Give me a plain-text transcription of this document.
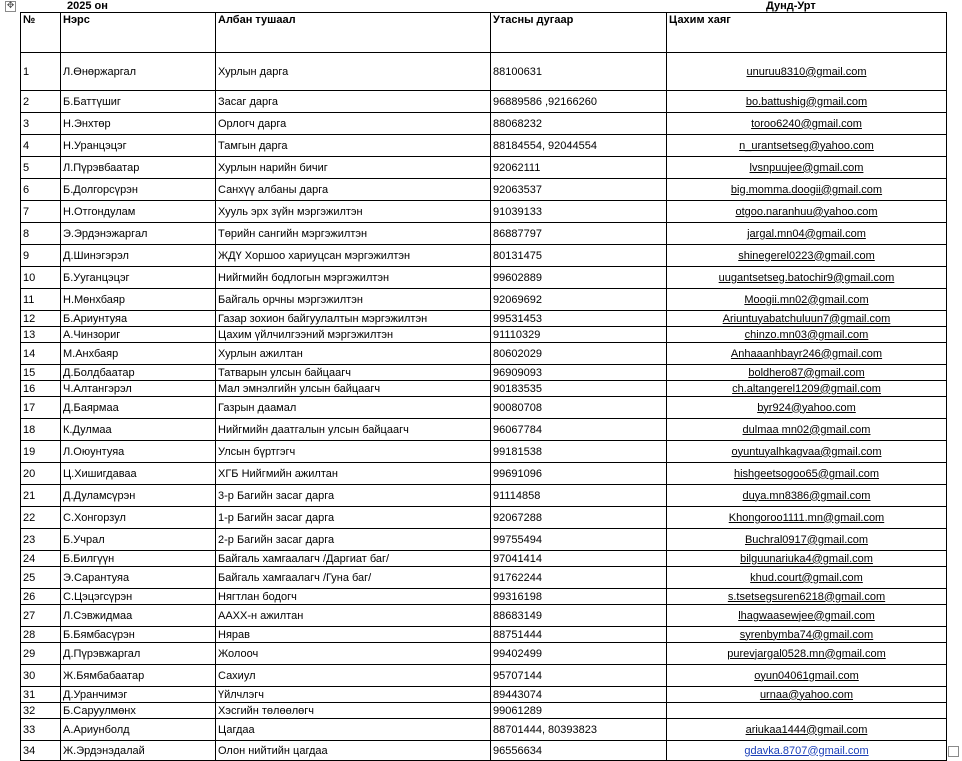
✥	2025 он	Дунд-Урт
№	Нэрс	Албан тушаал	Утасны дугаар	Цахим хаяг
1	Л.Өнөржаргал	Хурлын дарга	88100631	unuruu8310@gmail.com
2	Б.Баттүшиг	Засаг дарга	96889586 ,92166260	bo.battushig@gmail.com
3	Н.Энхтөр	Орлогч дарга	88068232	toroo6240@gmail.com
4	Н.Уранцэцэг	Тамгын дарга	88184554, 92044554	n_urantsetseg@yahoo.com
5	Л.Пүрэвбаатар	Хурлын нарийн бичиг	92062111	lvsnpuujee@gmail.com
6	Б.Долгорсүрэн	Санхүү албаны дарга	92063537	big.momma.doogii@gmail.com
7	Н.Отгондулам	Хууль эрх зүйн мэргэжилтэн	91039133	otgoo.naranhuu@yahoo.com
8	Э.Эрдэнэжаргал	Төрийн сангийн мэргэжилтэн	86887797	jargal.mn04@gmail.com
9	Д.Шинэгэрэл	ЖДҮ Хоршоо хариуцсан мэргэжилтэн	80131475	shinegerel0223@gmail.com
10	Б.Ууганцэцэг	Нийгмийн бодлогын мэргэжилтэн	99602889	uugantsetseg.batochir9@gmail.com
11	Н.Мөнхбаяр	Байгаль орчны мэргэжилтэн	92069692	Moogii.mn02@gmail.com
12	Б.Ариунтуяа	Газар зохион байгуулалтын мэргэжилтэн	99531453	Ariuntuyabatchuluun7@gmail.com
13	А.Чинзориг	Цахим үйлчилгээний мэргэжилтэн	91110329	chinzo.mn03@gmail.com
14	М.Анхбаяр	Хурлын ажилтан	80602029	Anhaaanhbayr246@gmail.com
15	Д.Болдбаатар	Татварын улсын байцаагч	96909093	boldhero87@gmail.com
16	Ч.Алтангэрэл	Мал эмнэлгийн улсын байцаагч	90183535	ch.altangerel1209@gmail.com
17	Д.Баярмаа	Газрын даамал	90080708	byr924@yahoo.com
18	К.Дулмаа	Нийгмийн даатгалын улсын байцаагч	96067784	dulmaa mn02@gmail.com
19	Л.Оюунтуяа	Улсын бүртгэгч	99181538	oyuntuyalhkagvaa@gmail.com
20	Ц.Хишигдаваа	ХГБ Нийгмийн ажилтан	99691096	hishgeetsogoo65@gmail.com
21	Д.Дуламсүрэн	3-р Багийн засаг дарга	91114858	duya.mn8386@gmail.com
22	С.Хонгорзул	1-р Багийн засаг дарга	92067288	Khongoroo1111.mn@gmail.com
23	Б.Учрал	2-р Багийн засаг дарга	99755494	Buchral0917@gmail.com
24	Б.Билгүүн	Байгаль хамгаалагч /Даргиат баг/	97041414	bilguunariuka4@gmail.com
25	Э.Сарантуяа	Байгаль хамгаалагч /Гуна баг/	91762244	khud.court@gmail.com
26	С.Цэцэгсүрэн	Нягтлан бодогч	99316198	s.tsetsegsuren6218@gmail.com
27	Л.Сэвжидмаа	АAXX-н ажилтан	88683149	lhagwaasewjee@gmail.com
28	Б.Бямбасүрэн	Нярав	88751444	syrenbymba74@gmail.com
29	Д.Пүрэвжаргал	Жолооч	99402499	purevjargal0528.mn@gmail.com
30	Ж.Бямбабаатар	Сахиул	95707144	oyun04061gmail.com
31	Д.Уранчимэг	Үйлчлэгч	89443074	urnaa@yahoo.com
32	Б.Саруулмөнх	Хэсгийн төлөөлөгч	99061289	
33	А.Ариунболд	Цагдаа	88701444, 80393823	ariukaa1444@gmail.com
34	Ж.Эрдэнэдалай	Олон нийтийн цагдаа	96556634	gdavka.8707@gmail.com
